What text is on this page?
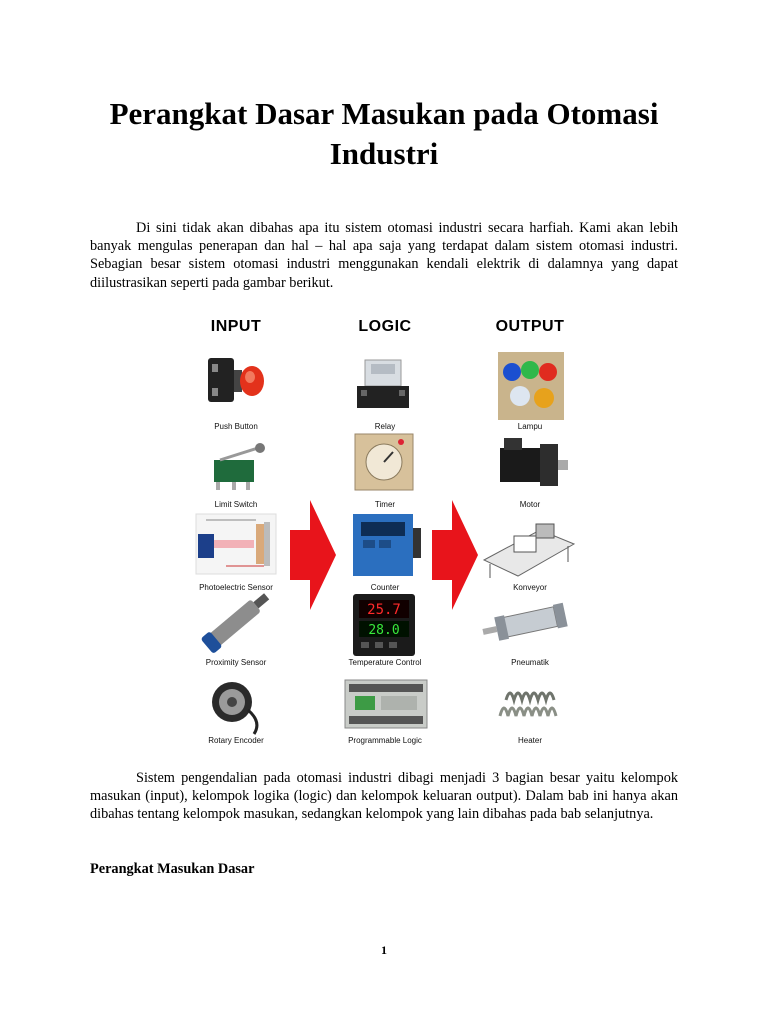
Perangkat Dasar Masukan pada Otomasi Industri
Di sini tidak akan dibahas apa itu sistem otomasi industri secara harfiah. Kami akan lebih banyak mengulas penerapan dan hal – hal apa saja yang terdapat dalam sistem otomasi industri. Sebagian besar sistem otomasi industri menggunakan kendali elektrik di dalamnya yang dapat diilustrasikan seperti pada gambar berikut.
INPUT	LOGIC	OUTPUT
Push Button
Limit Switch
Photoelectric Sensor
Proximity Sensor
Rotary Encoder
Relay
Timer
Counter
25.7
28.0
Temperature Control
Programmable Logic
Lampu
Motor
Konveyor
Pneumatik
Heater
Sistem pengendalian pada otomasi industri dibagi menjadi 3 bagian besar yaitu kelompok masukan (input), kelompok logika (logic) dan kelompok keluaran output). Dalam bab ini hanya akan dibahas tentang kelompok masukan, sedangkan kelompok yang lain dibahas pada bab selanjutnya.
Perangkat Masukan Dasar
1
